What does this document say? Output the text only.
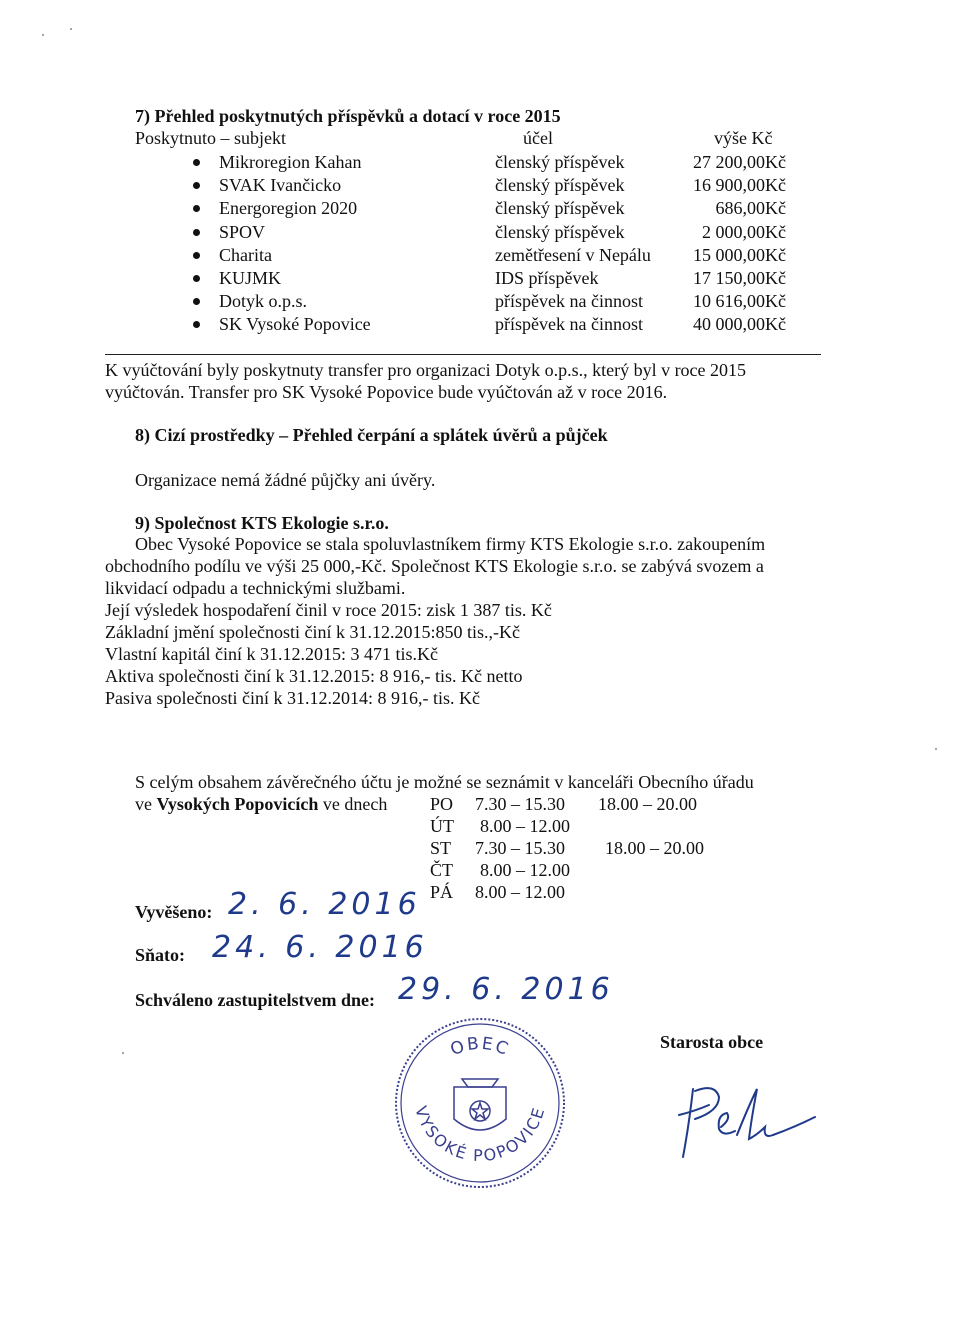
7) Přehled poskytnutých příspěvků a dotací v roce 2015
Poskytnuto – subjekt	účel	výše Kč
Mikroregion Kahan	členský příspěvek	27 200,00Kč
SVAK Ivančicko	členský příspěvek	16 900,00Kč
Energoregion 2020	členský příspěvek	686,00Kč
SPOV	členský příspěvek	2 000,00Kč
Charita	zemětřesení v Nepálu 15 000,00Kč
KUJMK	IDS příspěvek	17 150,00Kč
Dotyk o.p.s.	příspěvek na činnost	10 616,00Kč
SK Vysoké Popovice	příspěvek na činnost	40 000,00Kč
K vyúčtování byly poskytnuty transfer pro organizaci Dotyk o.p.s., který byl v roce 2015
vyúčtován. Transfer pro SK Vysoké Popovice bude vyúčtován až v roce 2016.
8) Cizí prostředky – Přehled čerpání a splátek úvěrů a půjček
Organizace nemá žádné půjčky ani úvěry.
9) Společnost KTS Ekologie s.r.o.
Obec Vysoké Popovice se stala spoluvlastníkem firmy KTS Ekologie s.r.o. zakoupením
obchodního podílu ve výši 25 000,-Kč. Společnost KTS Ekologie s.r.o. se zabývá svozem a
likvidací odpadu a technickými službami.
Její výsledek hospodaření činil v roce 2015: zisk 1 387 tis. Kč
Základní jmění společnosti činí k 31.12.2015:850 tis.,-Kč
Vlastní kapitál činí k 31.12.2015: 3 471 tis.Kč
Aktiva společnosti činí k 31.12.2015: 8 916,- tis. Kč netto
Pasiva společnosti činí k 31.12.2014: 8 916,- tis. Kč
S celým obsahem závěrečného účtu je možné se seznámit v kanceláři Obecního úřadu
ve Vysokých Popovicích ve dnech PO 7.30 – 15.30 18.00 – 20.00
ÚT 8.00 – 12.00
ST 7.30 – 15.30 18.00 – 20.00
ČT 8.00 – 12.00
PÁ 8.00 – 12.00
Vyvěšeno: 2. 6. 2016
Sňato: 24. 6. 2016
Schváleno zastupitelstvem dne: 29. 6. 2016
Starosta obce
OBEC
VYSOKÉ POPOVICE
